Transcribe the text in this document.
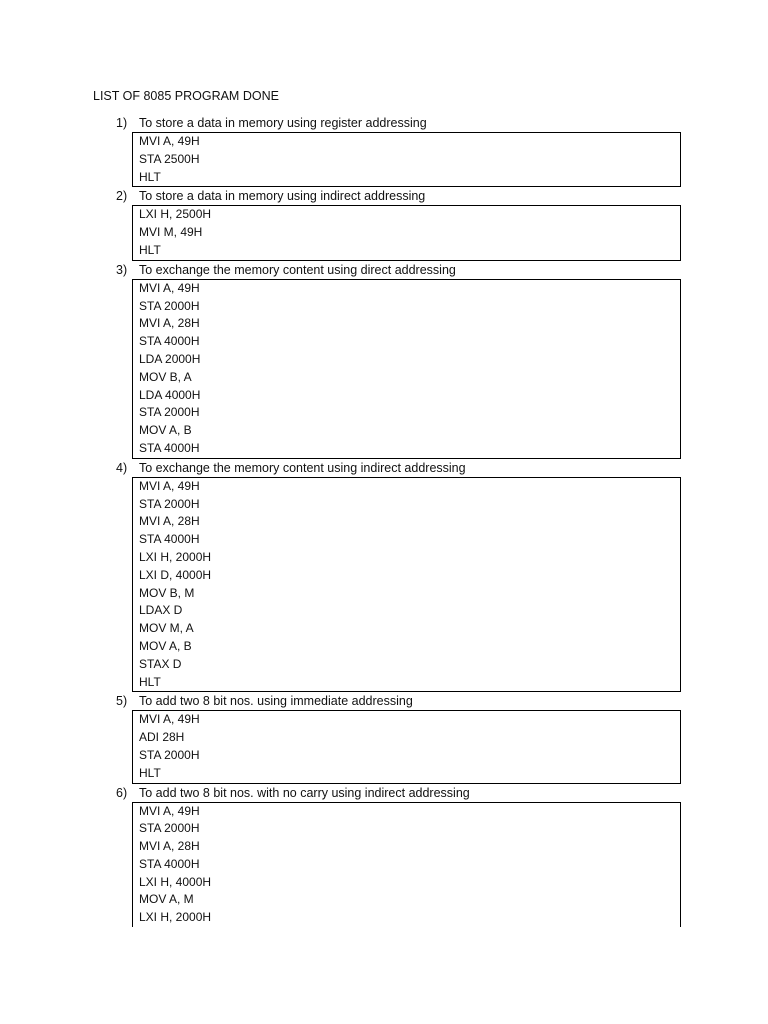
LIST OF 8085 PROGRAM DONE
1) To store a data in memory using register addressing
MVI A, 49H
STA 2500H
HLT
2) To store a data in memory using indirect addressing
LXI H, 2500H
MVI M, 49H
HLT
3) To exchange the memory content using direct addressing
MVI A, 49H
STA 2000H
MVI A, 28H
STA 4000H
LDA 2000H
MOV B, A
LDA 4000H
STA 2000H
MOV A, B
STA 4000H
4) To exchange the memory content using indirect addressing
MVI A, 49H
STA 2000H
MVI A, 28H
STA 4000H
LXI H, 2000H
LXI D, 4000H
MOV B, M
LDAX D
MOV M, A
MOV A, B
STAX D
HLT
5) To add two 8 bit nos. using immediate addressing
MVI A, 49H
ADI 28H
STA 2000H
HLT
6) To add two 8 bit nos. with no carry using indirect addressing
MVI A, 49H
STA 2000H
MVI A, 28H
STA 4000H
LXI H, 4000H
MOV A, M
LXI H, 2000H
